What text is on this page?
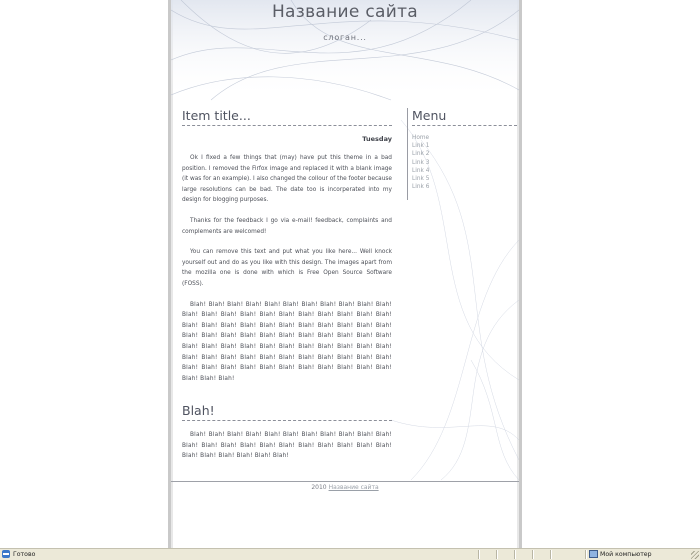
Название сайта
слоган...
Item title...
Tuesday

Ok I fixed a few things that (may) have put this theme in a bad position. I removed the Firfox image and replaced it with a blank image (it was for an example). I also changed the collour of the footer because large resolutions can be bad. The date too is incorperated into my design for blogging purposes.

Thanks for the feedback I go via e-mail! feedback, complaints and complements are welcomed!

You can remove this text and put what you like here... Well knock yourself out and do as you like with this design. The images apart from the mozilla one is done with which is Free Open Source Software (FOSS).

Blah! Blah! Blah! Blah! Blah! Blah! Blah! Blah! Blah! Blah! Blah! Blah! Blah! Blah! Blah! Blah! Blah! Blah! Blah! Blah! Blah! Blah! Blah! Blah! Blah! Blah! Blah! Blah! Blah! Blah! Blah! Blah! Blah! Blah! Blah! Blah! Blah! Blah! Blah! Blah! Blah! Blah! Blah! Blah! Blah! Blah! Blah! Blah! Blah! Blah! Blah! Blah! Blah! Blah! Blah! Blah! Blah! Blah! Blah! Blah! Blah! Blah! Blah! Blah! Blah! Blah! Blah! Blah! Blah! Blah! Blah! Blah! Blah! Blah! Blah! Blah! Blah! Blah! Blah! Blah!

Blah!

Blah! Blah! Blah! Blah! Blah! Blah! Blah! Blah! Blah! Blah! Blah! Blah! Blah! Blah! Blah! Blah! Blah! Blah! Blah! Blah! Blah! Blah! Blah! Blah! Blah! Blah! Blah! Blah!

Menu
Home
Link 1
Link 2
Link 3
Link 4
Link 5
Link 6
2010 Название сайта
Готово	Мой компьютер
